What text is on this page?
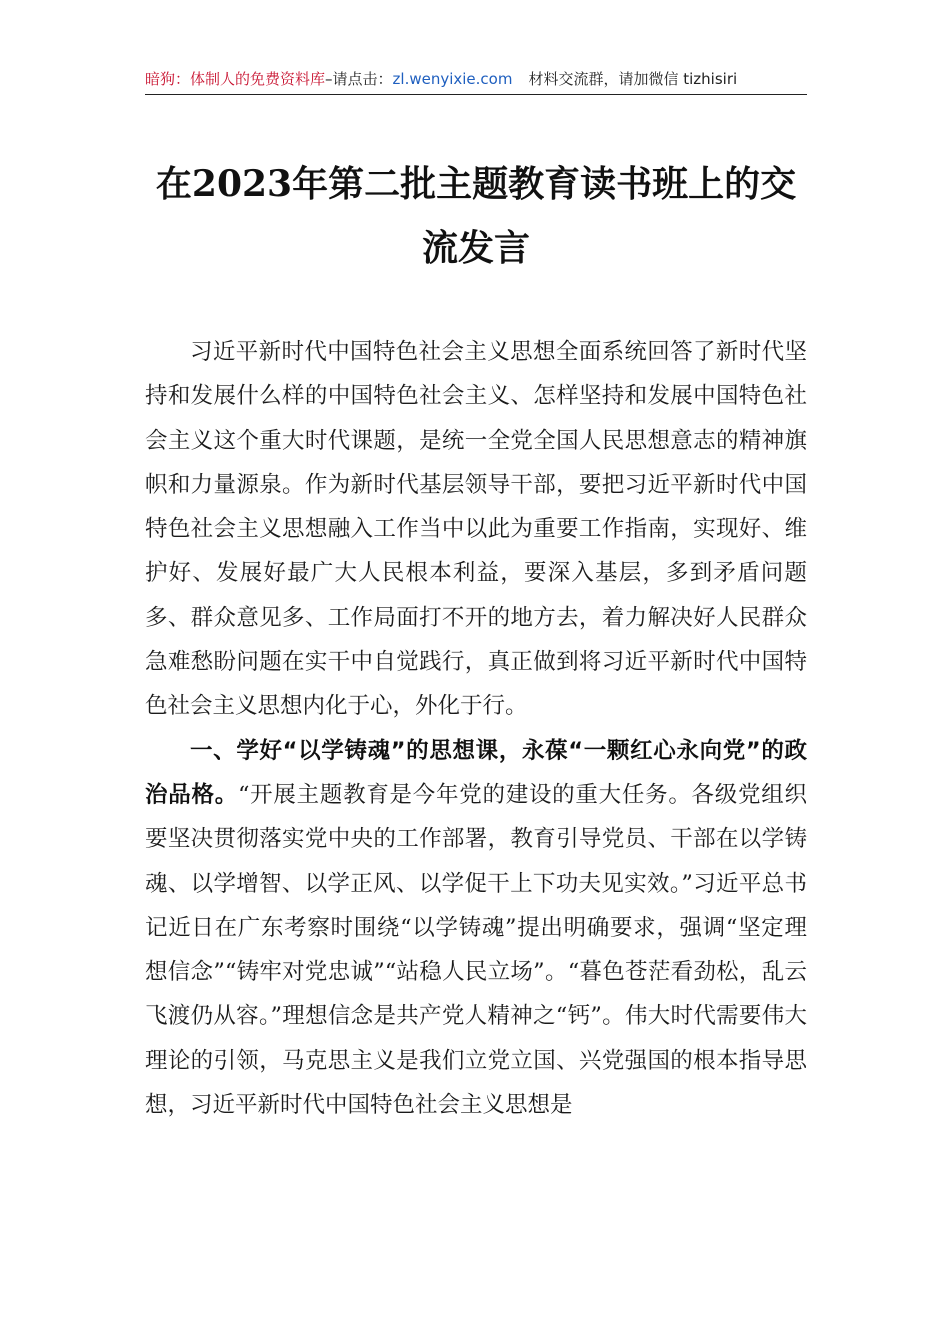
暗狗：体制人的免费资料库–请点击：zl.wenyixie.com 材料交流群，请加微信 tizhisiri
在2023年第二批主题教育读书班上的交流发言

习近平新时代中国特色社会主义思想全面系统回答了新时代坚持和发展什么样的中国特色社会主义、怎样坚持和发展中国特色社会主义这个重大时代课题，是统一全党全国人民思想意志的精神旗帜和力量源泉。作为新时代基层领导干部，要把习近平新时代中国特色社会主义思想融入工作当中以此为重要工作指南，实现好、维护好、发展好最广大人民根本利益，要深入基层，多到矛盾问题多、群众意见多、工作局面打不开的地方去，着力解决好人民群众急难愁盼问题在实干中自觉践行，真正做到将习近平新时代中国特色社会主义思想内化于心，外化于行。

一、学好“以学铸魂”的思想课，永葆“一颗红心永向党”的政治品格。“开展主题教育是今年党的建设的重大任务。各级党组织要坚决贯彻落实党中央的工作部署，教育引导党员、干部在以学铸魂、以学增智、以学正风、以学促干上下功夫见实效。”习近平总书记近日在广东考察时围绕“以学铸魂”提出明确要求，强调“坚定理想信念”“铸牢对党忠诚”“站稳人民立场”。“暮色苍茫看劲松，乱云飞渡仍从容。”理想信念是共产党人精神之“钙”。伟大时代需要伟大理论的引领，马克思主义是我们立党立国、兴党强国的根本指导思想，习近平新时代中国特色社会主义思想是
